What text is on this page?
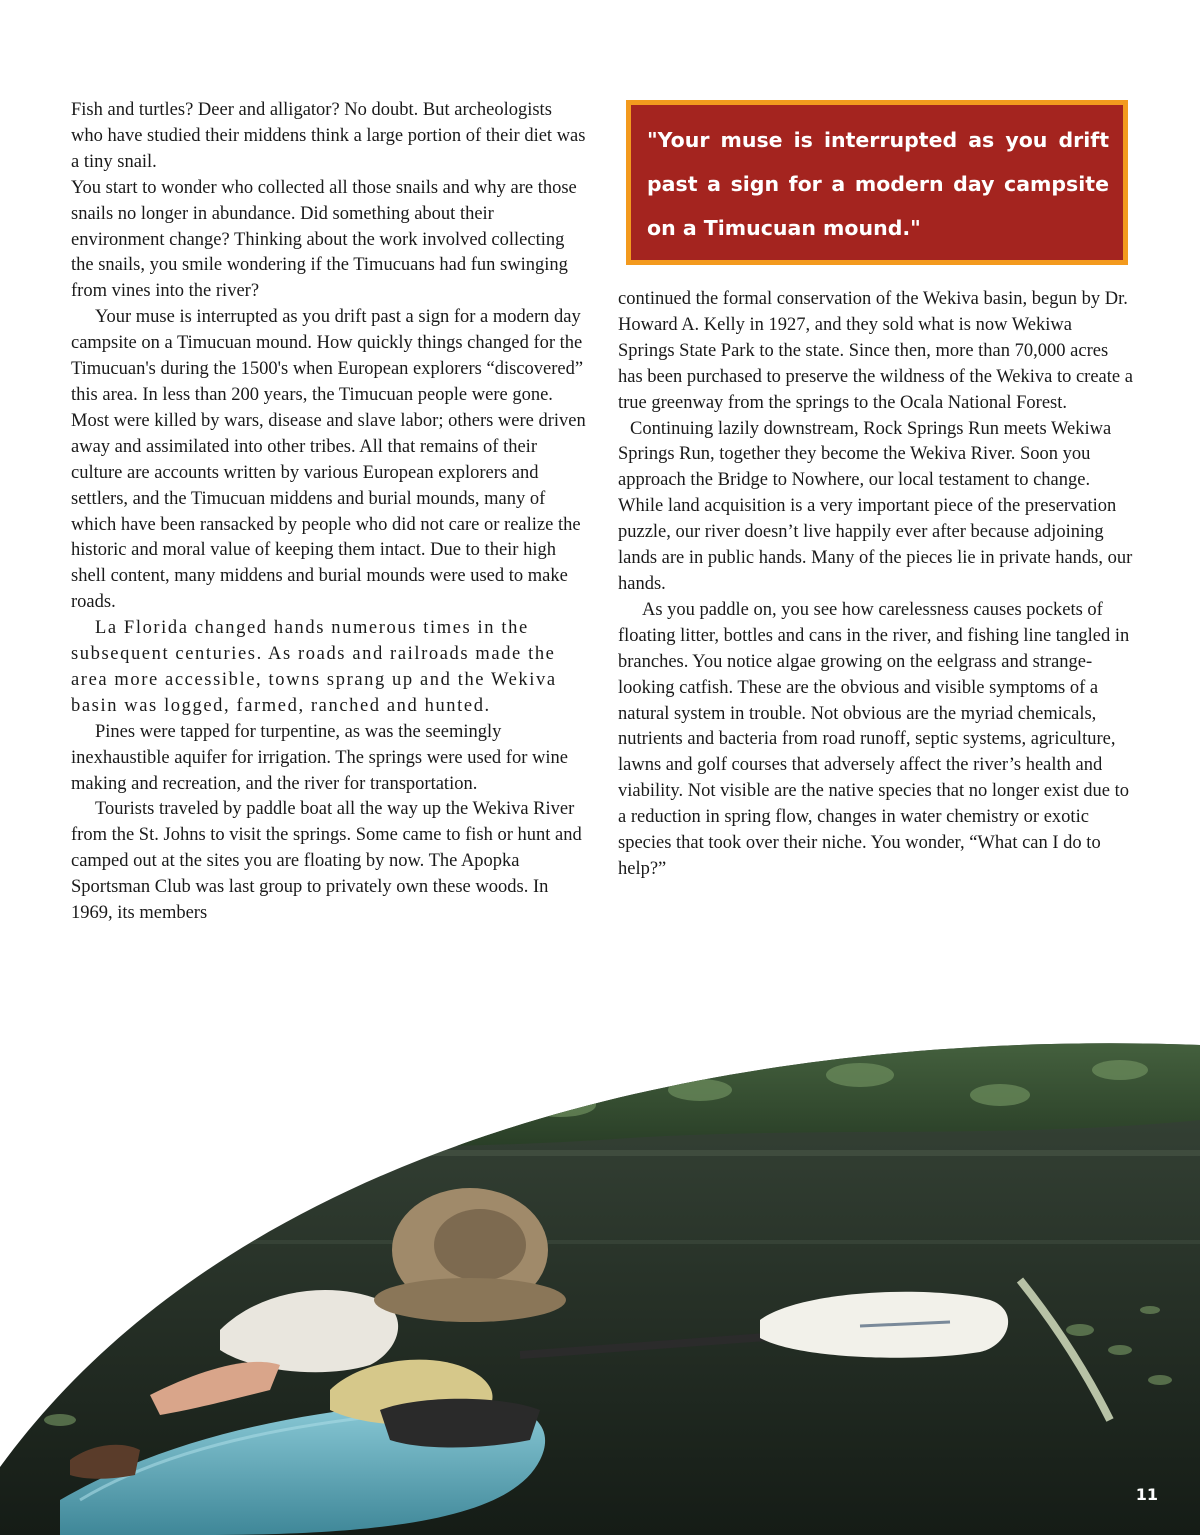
Fish and turtles? Deer and alligator? No doubt. But archeologists who have studied their middens think a large portion of their diet was a tiny snail.

You start to wonder who collected all those snails and why are those snails no longer in abundance. Did something about their environment change? Thinking about the work involved collecting the snails, you smile wondering if the Timucuans had fun swinging from vines into the river?

Your muse is interrupted as you drift past a sign for a modern day campsite on a Timucuan mound. How quickly things changed for the Timucuan's during the 1500's when European explorers “discovered” this area. In less than 200 years, the Timucuan people were gone. Most were killed by wars, disease and slave labor; others were driven away and assimilated into other tribes. All that remains of their culture are accounts written by various European explorers and settlers, and the Timucuan middens and burial mounds, many of which have been ransacked by people who did not care or realize the historic and moral value of keeping them intact. Due to their high shell content, many middens and burial mounds were used to make roads.

La Florida changed hands numerous times in the subsequent centuries. As roads and railroads made the area more accessible, towns sprang up and the Wekiva basin was logged, farmed, ranched and hunted.

Pines were tapped for turpentine, as was the seemingly inexhaustible aquifer for irrigation. The springs were used for wine making and recreation, and the river for transportation.

Tourists traveled by paddle boat all the way up the Wekiva River from the St. Johns to visit the springs. Some came to fish or hunt and camped out at the sites you are floating by now. The Apopka Sportsman Club was last group to privately own these woods. In 1969, its members

"Your muse is interrupted as you drift past a sign for a modern day campsite on a Timucuan mound."

continued the formal conservation of the Wekiva basin, begun by Dr. Howard A. Kelly in 1927, and they sold what is now Wekiwa Springs State Park to the state. Since then, more than 70,000 acres has been purchased to preserve the wildness of the Wekiva to create a true greenway from the springs to the Ocala National Forest.

Continuing lazily downstream, Rock Springs Run meets Wekiwa Springs Run, together they become the Wekiva River. Soon you approach the Bridge to Nowhere, our local testament to change. While land acquisition is a very important piece of the preservation puzzle, our river doesn’t live happily ever after because adjoining lands are in public hands. Many of the pieces lie in private hands, our hands.

As you paddle on, you see how carelessness causes pockets of floating litter, bottles and cans in the river, and fishing line tangled in branches. You notice algae growing on the eelgrass and strange-looking catfish. These are the obvious and visible symptoms of a natural system in trouble. Not obvious are the myriad chemicals, nutrients and bacteria from road runoff, septic systems, agriculture, lawns and golf courses that adversely affect the river’s health and viability. Not visible are the native species that no longer exist due to a reduction in spring flow, changes in water chemistry or exotic species that took over their niche. You wonder, “What can I do to help?”

11
